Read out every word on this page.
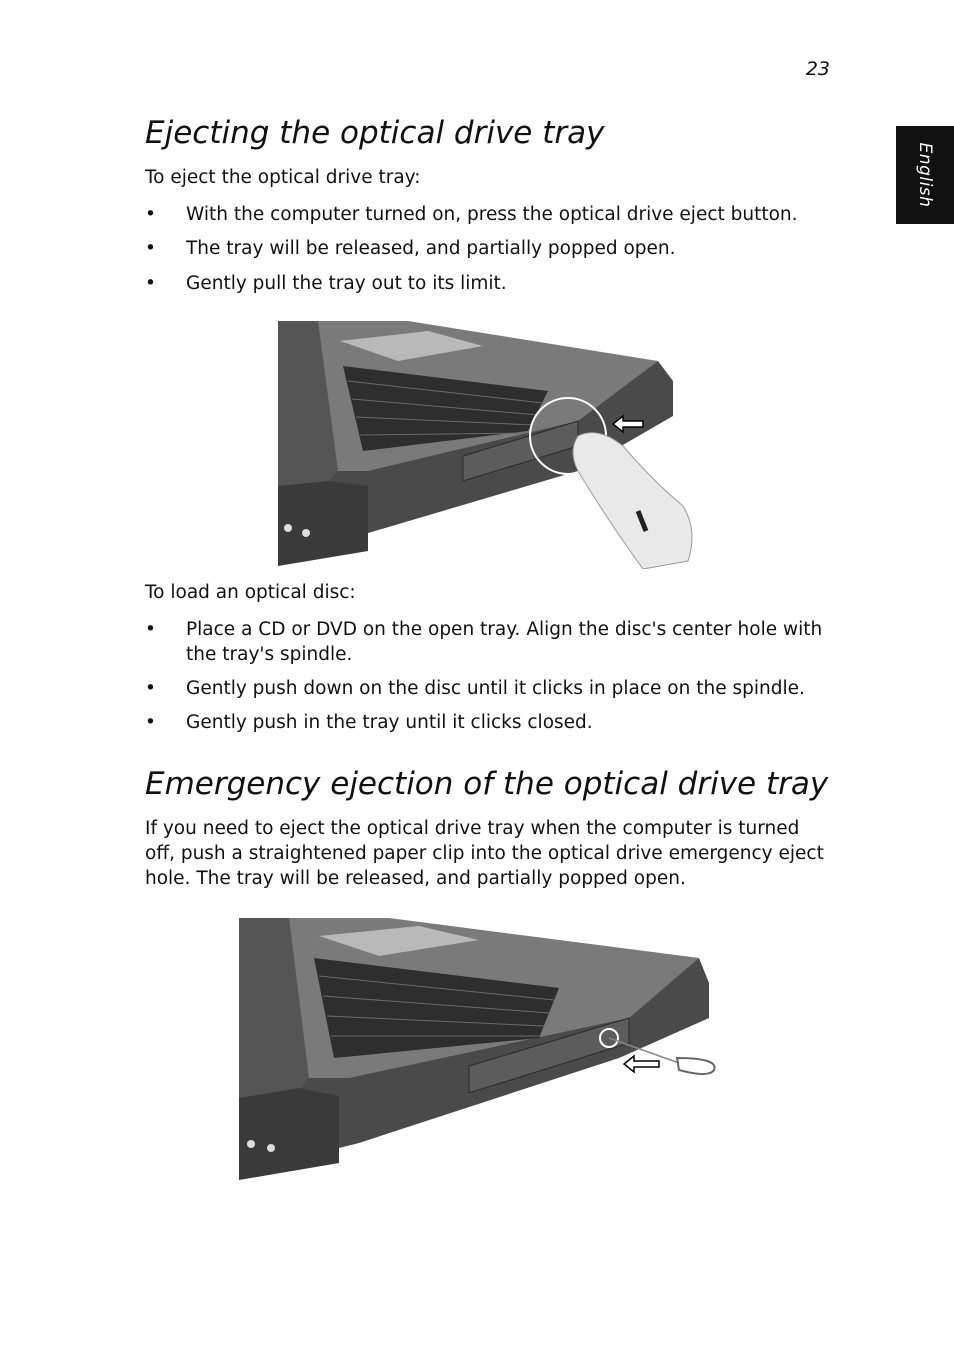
23
English
Ejecting the optical drive tray

To eject the optical drive tray:

• With the computer turned on, press the optical drive eject button.
• The tray will be released, and partially popped open.
• Gently pull the tray out to its limit.

To load an optical disc:

• Place a CD or DVD on the open tray. Align the disc's center hole with the tray's spindle.
• Gently push down on the disc until it clicks in place on the spindle.
• Gently push in the tray until it clicks closed.
Emergency ejection of the optical drive tray

If you need to eject the optical drive tray when the computer is turned off, push a straightened paper clip into the optical drive emergency eject hole. The tray will be released, and partially popped open.
